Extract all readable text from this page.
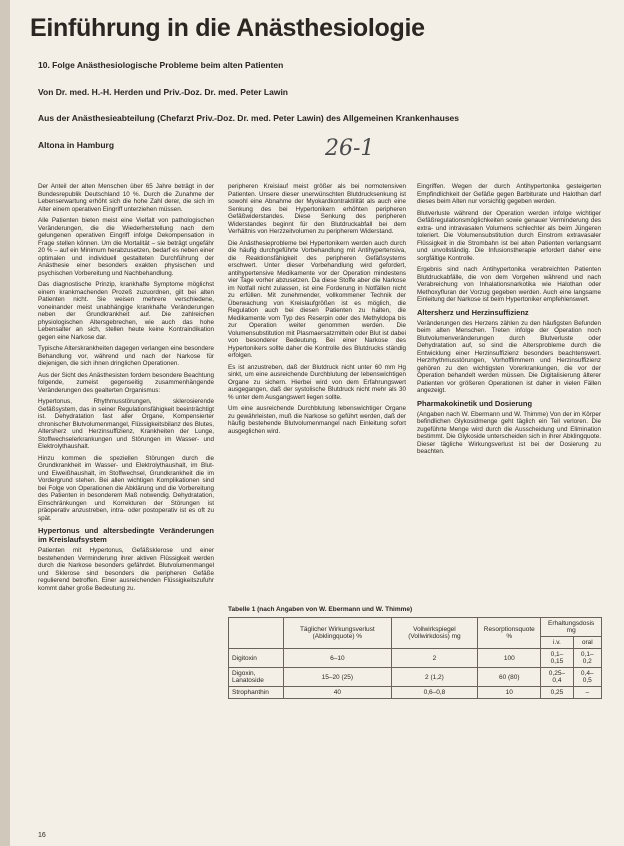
Einführung in die Anästhesiologie
10. Folge Anästhesiologische Probleme beim alten Patienten
Von Dr. med. H.-H. Herden und Priv.-Doz. Dr. med. Peter Lawin
Aus der Anästhesieabteilung (Chefarzt Priv.-Doz. Dr. med. Peter Lawin) des Allgemeinen Krankenhauses
Altona in Hamburg	26-1

Der Anteil der alten Menschen über 65 Jahre beträgt in der Bundesrepublik Deutschland 10 %. Durch die Zunahme der Lebenserwartung erhöht sich die hohe Zahl derer, die sich im Alter einem operativen Eingriff unterziehen müssen.

Alle Patienten bieten meist eine Vielfalt von pathologischen Veränderungen, die die Wiederherstellung nach dem gelungenen operativen Eingriff infolge Dekompensation in Frage stellen können. Um die Mortalität – sie beträgt ungefähr 20 % – auf ein Minimum herabzusetzen, bedarf es neben einer optimalen und individuell gestalteten Durchführung der Anästhesie einer besonders exakten physischen und psychischen Vorbereitung und Nachbehandlung.

Das diagnostische Prinzip, krankhafte Symptome möglichst einem krankmachenden Prozeß zuzuordnen, gilt bei alten Patienten nicht. Sie weisen mehrere verschiedene, voneinander meist unabhängige krankhafte Veränderungen neben der Grundkrankheit auf. Die zahlreichen physiologischen Altersgebrechen, wie auch das hohe Lebensalter an sich, stellen heute keine Kontraindikation gegen eine Narkose dar.

Typische Alterskrankheiten dagegen verlangen eine besondere Behandlung vor, während und nach der Narkose für diejenigen, die sich ihnen dringlichen Operationen.

Aus der Sicht des Anästhesisten fordern besondere Beachtung folgende, zumeist gegenseitig zusammenhängende Veränderungen des gealterten Organismus:

Hypertonus, Rhythmusstörungen, sklerosierende Gefäßsystem, das in seiner Regulationsfähigkeit beeinträchtigt ist. Dehydratation fast aller Organe, Kompensierter chronischer Blutvolumenmangel, Flüssigkeitsbilanz des Blutes, Altersherz und Herzinsuffizienz, Krankheiten der Lunge, Stoffwechselerkrankungen und Störungen im Wasser- und Elektrolythaushalt.

Hinzu kommen die speziellen Störungen durch die Grundkrankheit im Wasser- und Elektrolythaushalt, im Blut- und Eiweißhaushalt, im Stoffwechsel, Grundkrankheit die im Vordergrund stehen. Bei allen wichtigen Komplikationen sind bei Folge von Operationen die Abklärung und die Vorbereitung des Patienten in besonderem Maß notwendig. Dehydratation, Einschränkungen und Korrekturen der Störungen ist präoperativ anzustreben, intra- oder postoperativ ist es oft zu spät.

Hypertonus und altersbedingte Veränderungen im Kreislaufsystem

Patienten mit Hypertonus, Gefäßsklerose und einer bestehenden Verminderung ihrer aktiven Flüssigkeit werden durch die Narkose besonders gefährdet. Blutvolumenmangel und Sklerose sind besonders die peripheren Gefäße regulierend betroffen. Einer ausreichenden Flüssigkeitszufuhr kommt daher große Bedeutung zu.

peripheren Kreislauf meist größer als bei normotensiven Patienten. Unsere dieser unerwünschten Blutdrucksenkung ist sowohl eine Abnahme der Myokardkontraktilität als auch eine Senkung des bei Hypertonikern erhöhten peripheren Gefäßwiderstandes. Diese Senkung des peripheren Widerstandes beginnt für den Blutdruckabfall bei dem Verhältnis von Herzzeitvolumen zu peripherem Widerstand.

Die Anästhesieprobleme bei Hypertonikern werden auch durch die häufig durchgeführte Vorbehandlung mit Antihypertensiva, die Reaktionsfähigkeit des peripheren Gefäßsystems erschwert. Unter dieser Vorbehandlung wird gefordert, antihypertensive Medikamente vor der Operation mindestens vier Tage vorher abzusetzen. Da diese Stoffe aber die Narkose im Notfall nicht zulassen, ist eine Forderung in Notfällen nicht zu erfüllen. Mit zunehmender, vollkommener Technik der Überwachung von Kreislaufgrößen ist es möglich, die Regulation auch bei diesen Patienten zu halten, die Medikamente vom Typ des Reserpin oder des Methyldopa bis zur Operation weiter genommen werden. Die Volumensubstitution mit Plasmaersatzmitteln oder Blut ist dabei von besonderer Bedeutung. Bei einer Narkose des Hypertonikers sollte daher die Kontrolle des Blutdrucks ständig erfolgen.

Es ist anzustreben, daß der Blutdruck nicht unter 60 mm Hg sinkt, um eine ausreichende Durchblutung der lebenswichtigen Organe zu sichern. Hierbei wird von dem Erfahrungswert ausgegangen, daß der systolische Blutdruck nicht mehr als 30 % unter dem Ausgangswert liegen sollte.

Um eine ausreichende Durchblutung lebenswichtiger Organe zu gewährleisten, muß die Narkose so geführt werden, daß der häufig bestehende Blutvolumenmangel nach Einleitung sofort ausgeglichen wird.

Eingriffen. Wegen der durch Antihypertonika gesteigerten Empfindlichkeit der Gefäße gegen Barbiturate und Halothan darf dieses beim Alten nur vorsichtig gegeben werden.

Blutverluste während der Operation werden infolge wichtiger Gefäßregulationsmöglichkeiten sowie genauer Verminderung des extra- und intravasalen Volumens schlechter als beim Jüngeren toleriert. Die Volumensubstitution durch Einstrom extravasaler Flüssigkeit in die Strombahn ist bei alten Patienten verlangsamt und unvollständig. Die Infusionstherapie erfordert daher eine sorgfältige Kontrolle.

Ergebnis sind nach Antihypertonika verabreichten Patienten Blutdruckabfälle, die von dem Vorgehen während und nach Verabreichung von Inhalationsnarkotika wie Halothan oder Methoxyfluran der Vorzug gegeben werden. Auch eine langsame Einleitung der Narkose ist beim Hypertoniker empfehlenswert.

Altersherz und Herzinsuffizienz

Veränderungen des Herzens zählen zu den häufigsten Befunden beim alten Menschen. Treten infolge der Operation noch Blutvolumenveränderungen durch Blutverluste oder Dehydratation auf, so sind die Altersprobleme durch die Entwicklung einer Herzinsuffizienz besonders beachtenswert. Herzrhythmusstörungen, Vorhofflimmern und Herzinsuffizienz gehören zu den wichtigsten Vorerkrankungen, die vor der Operation behandelt werden müssen. Die Digitalisierung älterer Patienten vor größeren Operationen ist daher in vielen Fällen angezeigt.

Pharmakokinetik und Dosierung

(Angaben nach W. Ebermann und W. Thimme) Von der im Körper befindlichen Glykosidmenge geht täglich ein Teil verloren. Die zugeführte Menge wird durch die Ausscheidung und Elimination bestimmt. Die Glykoside unterscheiden sich in ihrer Abklingquote. Dieser tägliche Wirkungsverlust ist bei der Dosierung zu beachten.

Tabelle 1 (nach Angaben von W. Ebermann und W. Thimme)
	Täglicher Wirkungsverlust (Abklingquote) %	Vollwirkspiegel (Vollwirkdosis) mg	Resorptionsquote %	Erhaltungsdosis mg	
				i.v.	oral
Digitoxin	6–10	2	100	0,1–0,15	0,1–0,2
Digoxin, Lanatoside	15–20 (25)	2 (1,2)	60 (80)	0,25–0,4	0,4–0,5
Strophanthin	40	0,6–0,8	10	0,25	–
16
